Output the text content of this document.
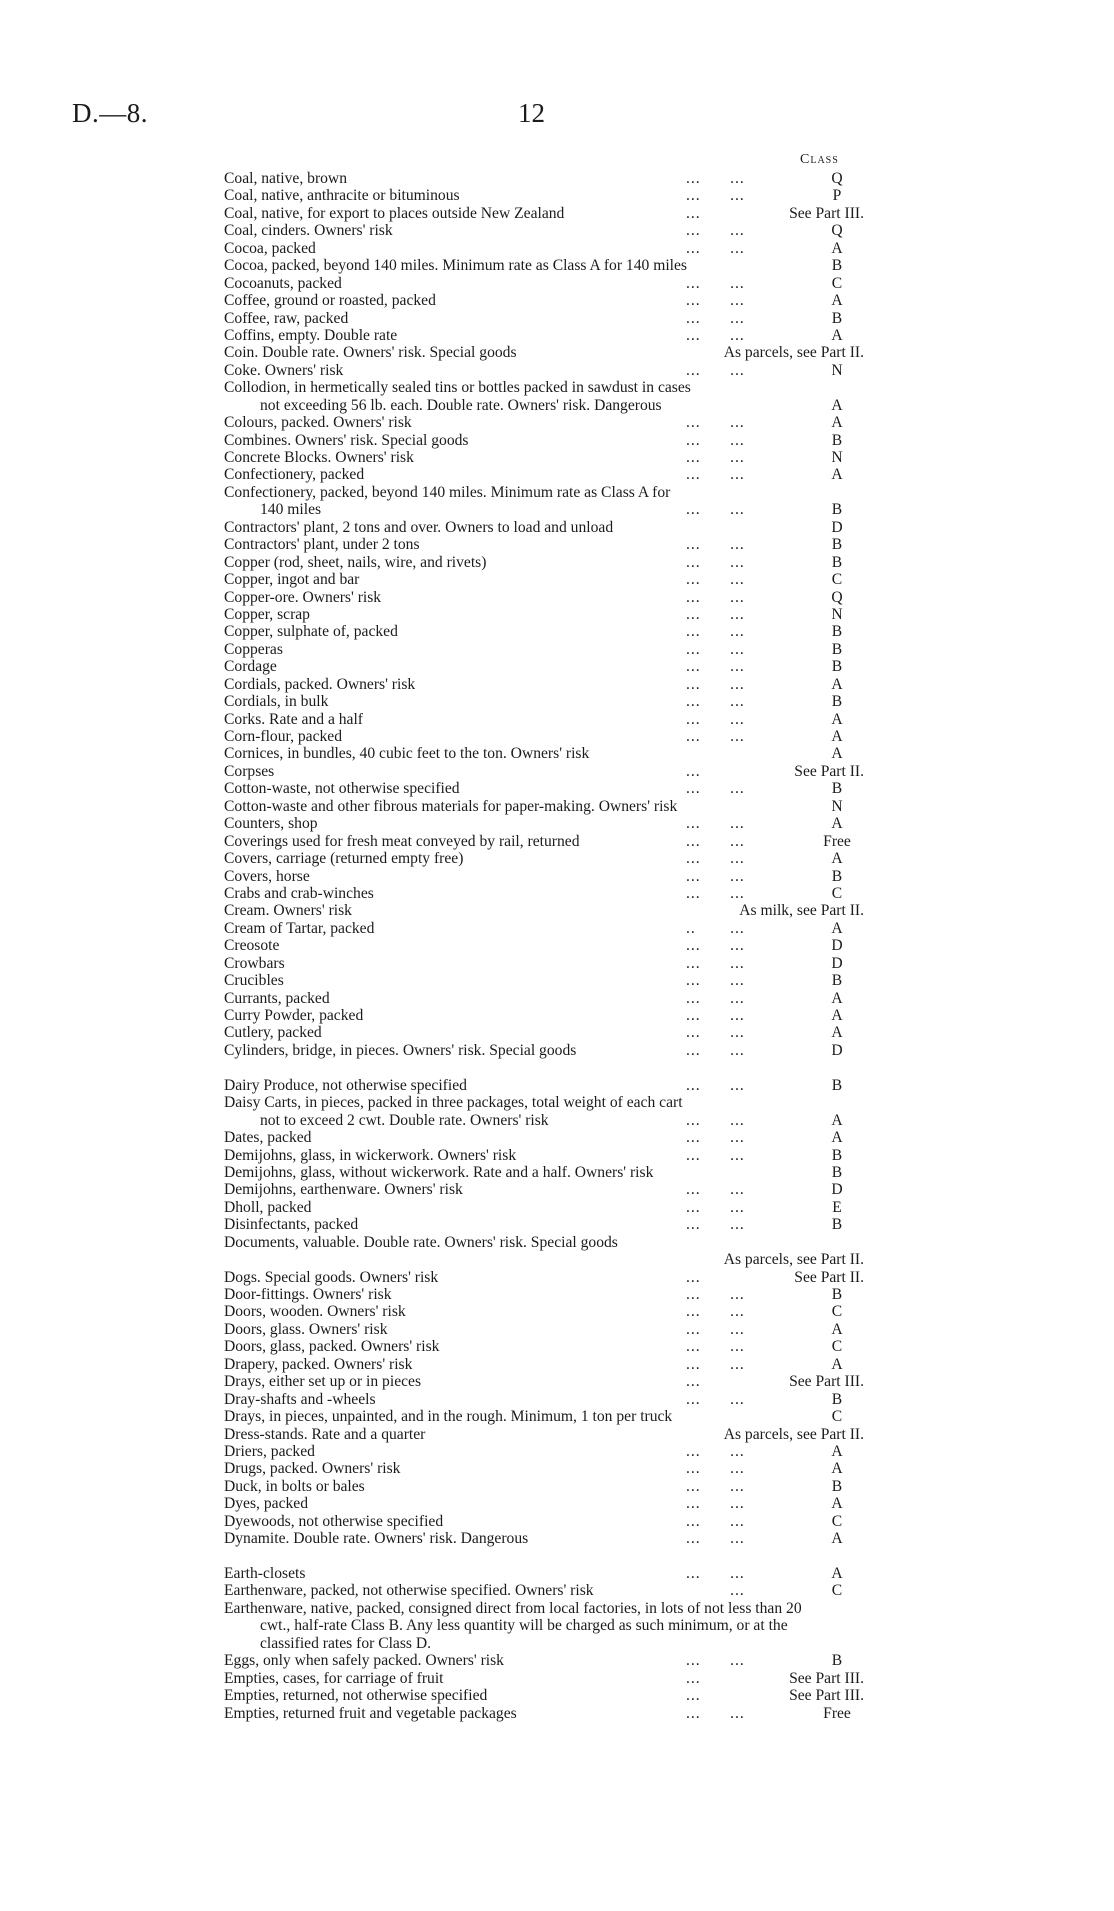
D.—8.	12
Class
Coal, native, brown	...      ...	Q
Coal, native, anthracite or bituminous	...      ...	P
Coal, native, for export to places outside New Zealand	...	See Part III.
Coal, cinders. Owners' risk	...      ...	Q
Cocoa, packed	...      ...	A
Cocoa, packed, beyond 140 miles. Minimum rate as Class A for 140 miles	B
Cocoanuts, packed	...      ...	C
Coffee, ground or roasted, packed	...      ...	A
Coffee, raw, packed	...      ...	B
Coffins, empty. Double rate	...      ...	A
Coin. Double rate. Owners' risk. Special goods	As parcels, see Part II.
Coke. Owners' risk	...      ...	N
Collodion, in hermetically sealed tins or bottles packed in sawdust in cases
not exceeding 56 lb. each. Double rate. Owners' risk. Dangerous	A
Colours, packed. Owners' risk	...      ...	A
Combines. Owners' risk. Special goods	...      ...	B
Concrete Blocks. Owners' risk	...      ...	N
Confectionery, packed	...      ...	A
Confectionery, packed, beyond 140 miles. Minimum rate as Class A for
140 miles	...      ...	B
Contractors' plant, 2 tons and over. Owners to load and unload	D
Contractors' plant, under 2 tons	...      ...	B
Copper (rod, sheet, nails, wire, and rivets)	...      ...	B
Copper, ingot and bar	...      ...	C
Copper-ore. Owners' risk	...      ...	Q
Copper, scrap	...      ...	N
Copper, sulphate of, packed	...      ...	B
Copperas	...      ...	B
Cordage	...      ...	B
Cordials, packed. Owners' risk	...      ...	A
Cordials, in bulk	...      ...	B
Corks. Rate and a half	...      ...	A
Corn-flour, packed	...      ...	A
Cornices, in bundles, 40 cubic feet to the ton. Owners' risk	A
Corpses	...	See Part II.
Cotton-waste, not otherwise specified	...      ...	B
Cotton-waste and other fibrous materials for paper-making. Owners' risk	N
Counters, shop	...      ...	A
Coverings used for fresh meat conveyed by rail, returned	...      ...	Free
Covers, carriage (returned empty free)	...      ...	A
Covers, horse	...      ...	B
Crabs and crab-winches	...      ...	C
Cream. Owners' risk	As milk, see Part II.
Cream of Tartar, packed	..       ...	A
Creosote	...      ...	D
Crowbars	...      ...	D
Crucibles	...      ...	B
Currants, packed	...      ...	A
Curry Powder, packed	...      ...	A
Cutlery, packed	...      ...	A
Cylinders, bridge, in pieces. Owners' risk. Special goods	...      ...	D
Dairy Produce, not otherwise specified	...      ...	B
Daisy Carts, in pieces, packed in three packages, total weight of each cart
not to exceed 2 cwt. Double rate. Owners' risk	...      ...	A
Dates, packed	...      ...	A
Demijohns, glass, in wickerwork. Owners' risk	...      ...	B
Demijohns, glass, without wickerwork. Rate and a half. Owners' risk	B
Demijohns, earthenware. Owners' risk	...      ...	D
Dholl, packed	...      ...	E
Disinfectants, packed	...      ...	B
Documents, valuable. Double rate. Owners' risk. Special goods
As parcels, see Part II.
Dogs. Special goods. Owners' risk	...	See Part II.
Door-fittings. Owners' risk	...      ...	B
Doors, wooden. Owners' risk	...      ...	C
Doors, glass. Owners' risk	...      ...	A
Doors, glass, packed. Owners' risk	...      ...	C
Drapery, packed. Owners' risk	...      ...	A
Drays, either set up or in pieces	...	See Part III.
Dray-shafts and -wheels	...      ...	B
Drays, in pieces, unpainted, and in the rough. Minimum, 1 ton per truck	C
Dress-stands. Rate and a quarter	As parcels, see Part II.
Driers, packed	...      ...	A
Drugs, packed. Owners' risk	...      ...	A
Duck, in bolts or bales	...      ...	B
Dyes, packed	...      ...	A
Dyewoods, not otherwise specified	...      ...	C
Dynamite. Double rate. Owners' risk. Dangerous	...      ...	A
Earth-closets	...      ...	A
Earthenware, packed, not otherwise specified. Owners' risk	...	C
Earthenware, native, packed, consigned direct from local factories, in lots of not less than 20 cwt., half-rate Class B. Any less quantity will be charged as such minimum, or at the classified rates for Class D.
Eggs, only when safely packed. Owners' risk	...      ...	B
Empties, cases, for carriage of fruit	...	See Part III.
Empties, returned, not otherwise specified	...	See Part III.
Empties, returned fruit and vegetable packages	...      ...	Free
